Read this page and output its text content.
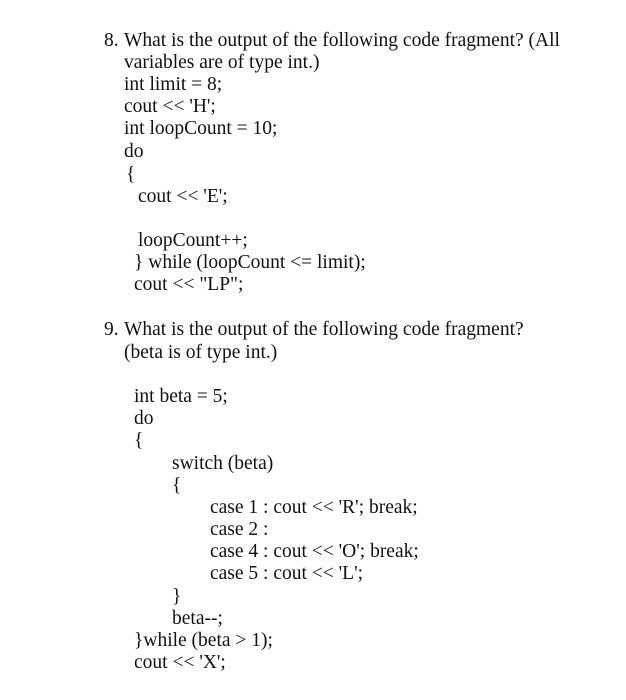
8. What is the output of the following code fragment? (All
variables are of type int.)
int limit = 8;
cout << 'H';
int loopCount = 10;
do
{
cout << 'E';
loopCount++;
} while (loopCount <= limit);
cout << "LP";
9. What is the output of the following code fragment?
(beta is of type int.)
int beta = 5;
do
{
switch (beta)
{
case 1 : cout << 'R'; break;
case 2 :
case 4 : cout << 'O'; break;
case 5 : cout << 'L';
}
beta--;
}while (beta > 1);
cout << 'X';
